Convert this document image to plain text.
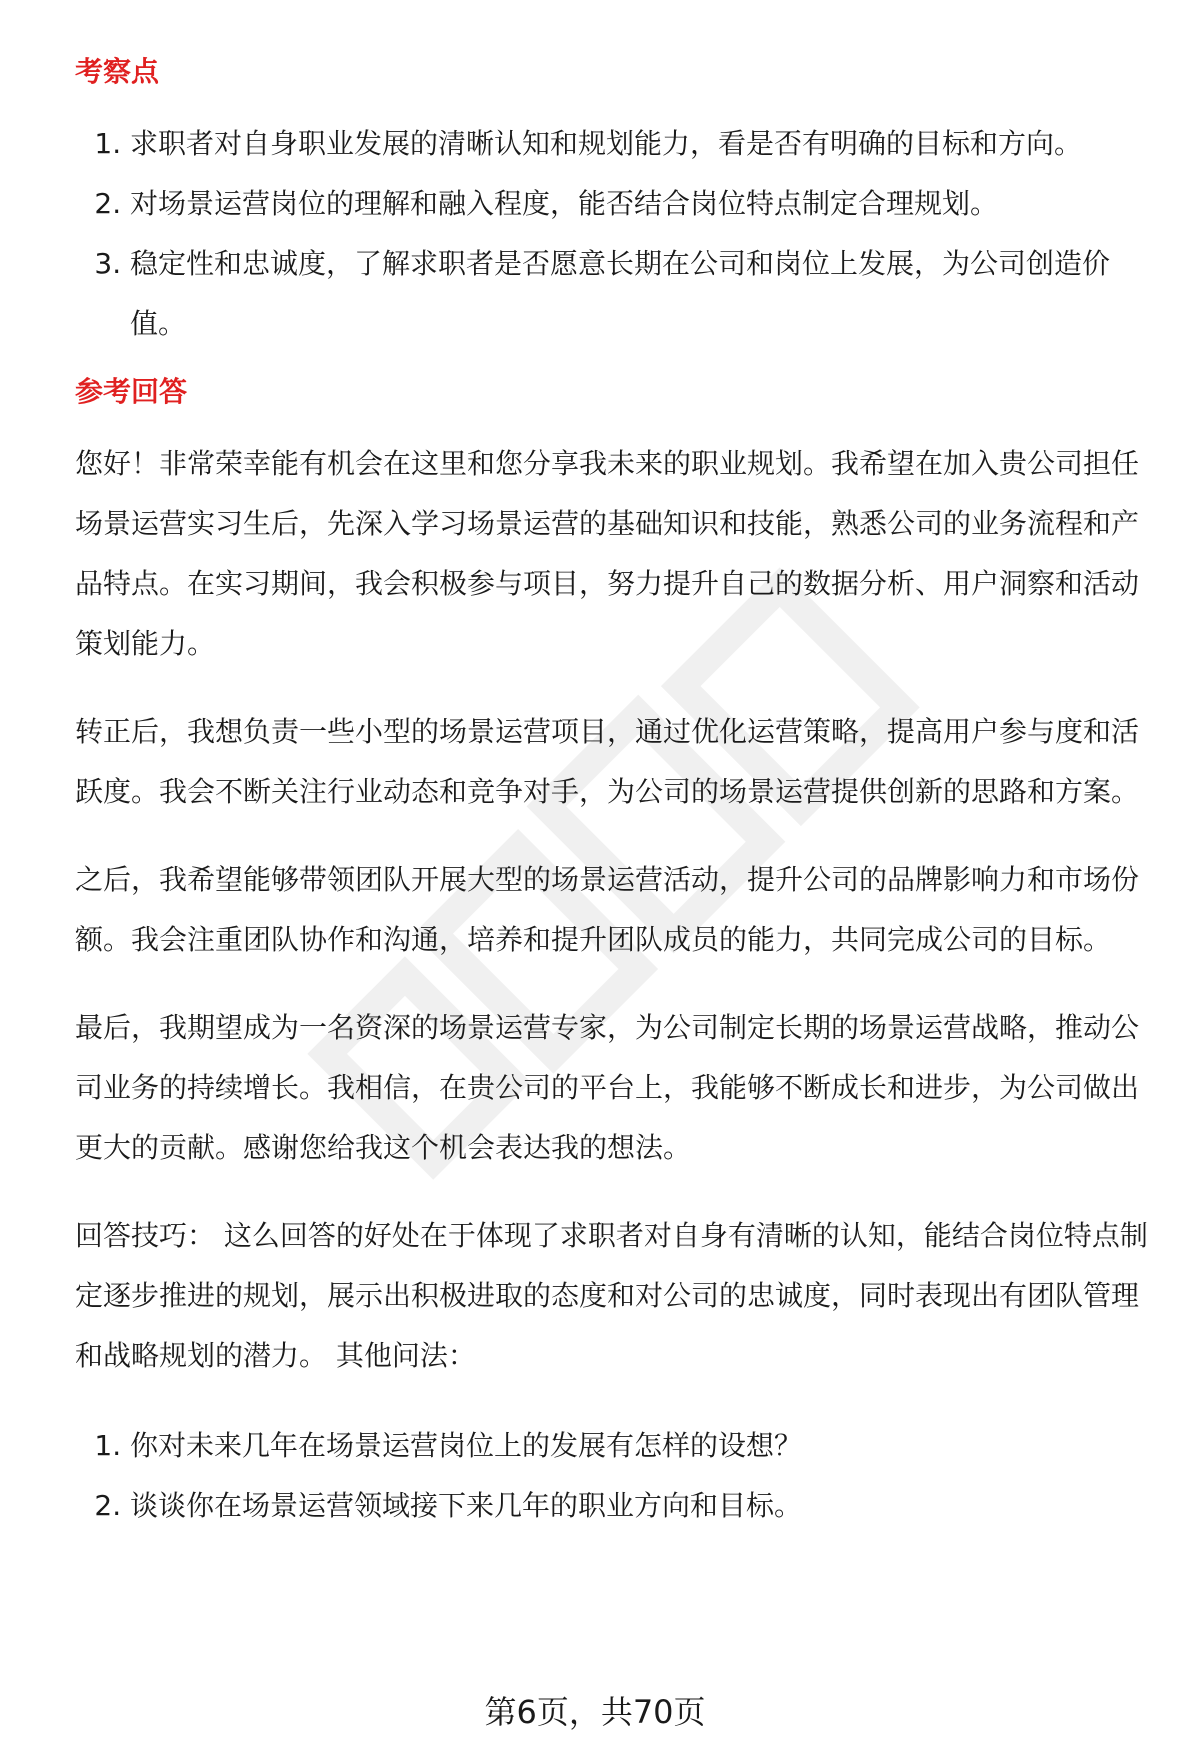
考察点
1. 求职者对自身职业发展的清晰认知和规划能力，看是否有明确的目标和方向。
2. 对场景运营岗位的理解和融入程度，能否结合岗位特点制定合理规划。
3. 稳定性和忠诚度，了解求职者是否愿意长期在公司和岗位上发展，为公司创造价值。
参考回答

您好！非常荣幸能有机会在这里和您分享我未来的职业规划。我希望在加入贵公司担任场景运营实习生后，先深入学习场景运营的基础知识和技能，熟悉公司的业务流程和产品特点。在实习期间，我会积极参与项目，努力提升自己的数据分析、用户洞察和活动策划能力。

转正后，我想负责一些小型的场景运营项目，通过优化运营策略，提高用户参与度和活跃度。我会不断关注行业动态和竞争对手，为公司的场景运营提供创新的思路和方案。

之后，我希望能够带领团队开展大型的场景运营活动，提升公司的品牌影响力和市场份额。我会注重团队协作和沟通，培养和提升团队成员的能力，共同完成公司的目标。

最后，我期望成为一名资深的场景运营专家，为公司制定长期的场景运营战略，推动公司业务的持续增长。我相信，在贵公司的平台上，我能够不断成长和进步，为公司做出更大的贡献。感谢您给我这个机会表达我的想法。

回答技巧： 这么回答的好处在于体现了求职者对自身有清晰的认知，能结合岗位特点制定逐步推进的规划，展示出积极进取的态度和对公司的忠诚度，同时表现出有团队管理和战略规划的潜力。 其他问法：

1. 你对未来几年在场景运营岗位上的发展有怎样的设想？
2. 谈谈你在场景运营领域接下来几年的职业方向和目标。
第6页，共70页
